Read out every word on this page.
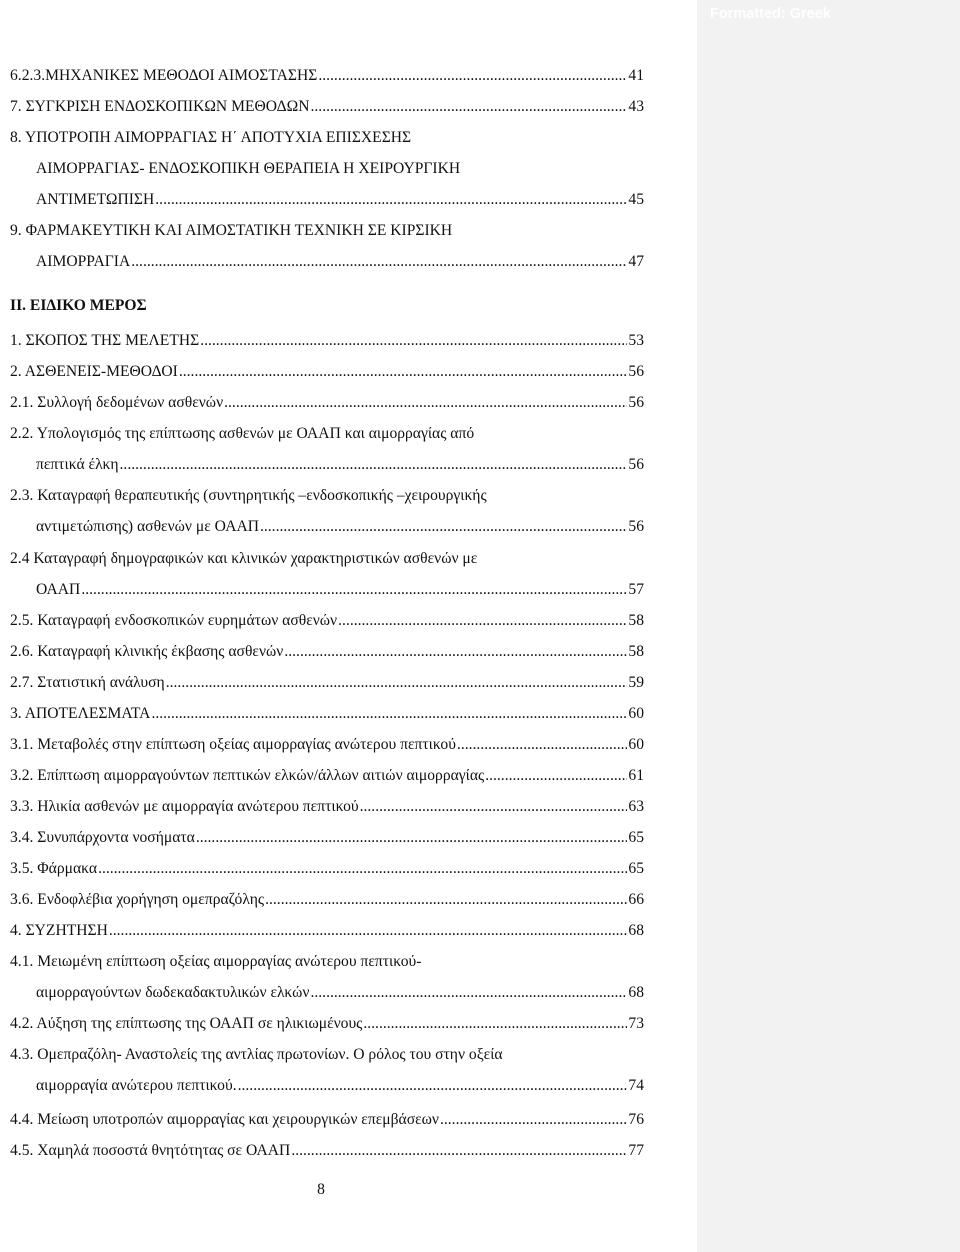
Formatted: Greek
6.2.3.ΜΗΧΑΝΙΚΕΣ ΜΕΘΟΔΟΙ ΑΙΜΟΣΤΑΣΗΣ .....	41
7. ΣΥΓΚΡΙΣΗ ΕΝΔΟΣΚΟΠΙΚΩΝ ΜΕΘΟΔΩΝ .....	43
8. ΥΠΟΤΡΟΠΗ ΑΙΜΟΡΡΑΓΙΑΣ Η΄ ΑΠΟΤΥΧΙΑ ΕΠΙΣΧΕΣΗΣ
ΑΙΜΟΡΡΑΓΙΑΣ- ΕΝΔΟΣΚΟΠΙΚΗ ΘΕΡΑΠΕΙΑ Η ΧΕΙΡΟΥΡΓΙΚΗ
ΑΝΤΙΜΕΤΩΠΙΣΗ .....	45
9. ΦΑΡΜΑΚΕΥΤΙΚΗ ΚΑΙ ΑΙΜΟΣΤΑΤΙΚΗ ΤΕΧΝΙΚΗ ΣΕ ΚΙΡΣΙΚΗ
ΑΙΜΟΡΡΑΓΙΑ .....	47
ΙΙ. ΕΙΔΙΚΟ ΜΕΡΟΣ
1. ΣΚΟΠΟΣ ΤΗΣ ΜΕΛΕΤΗΣ .....	53
2. ΑΣΘΕΝΕΙΣ-ΜΕΘΟΔΟΙ .....	56
2.1. Συλλογή δεδομένων ασθενών .....	56
2.2. Υπολογισμός της επίπτωσης ασθενών με ΟΑΑΠ και αιμορραγίας από
πεπτικά έλκη .....	56
2.3. Καταγραφή θεραπευτικής (συντηρητικής –ενδοσκοπικής –χειρουργικής
αντιμετώπισης) ασθενών με ΟΑΑΠ .....	56
2.4 Καταγραφή δημογραφικών και κλινικών χαρακτηριστικών ασθενών με
ΟΑΑΠ .....	57
2.5. Καταγραφή ενδοσκοπικών ευρημάτων ασθενών .....	58
2.6. Καταγραφή κλινικής έκβασης ασθενών .....	58
2.7. Στατιστική ανάλυση .....	59
3. ΑΠΟΤΕΛΕΣΜΑΤΑ .....	60
3.1. Μεταβολές στην επίπτωση οξείας αιμορραγίας ανώτερου πεπτικού .....	60
3.2. Επίπτωση αιμορραγούντων πεπτικών ελκών/άλλων αιτιών αιμορραγίας .....	61
3.3. Ηλικία ασθενών με αιμορραγία ανώτερου πεπτικού .....	63
3.4. Συνυπάρχοντα νοσήματα .....	65
3.5. Φάρμακα .....	65
3.6. Ενδοφλέβια χορήγηση ομεπραζόλης .....	66
4. ΣΥΖΗΤΗΣΗ .....	68
4.1. Μειωμένη επίπτωση οξείας αιμορραγίας ανώτερου πεπτικού-
αιμορραγούντων δωδεκαδακτυλικών ελκών .....	68
4.2. Αύξηση της επίπτωσης της ΟΑΑΠ σε ηλικιωμένους .....	73
4.3. Ομεπραζόλη- Αναστολείς της αντλίας πρωτονίων. Ο ρόλος του στην οξεία
αιμορραγία ανώτερου πεπτικού. .....	74
4.4. Μείωση υποτροπών αιμορραγίας και χειρουργικών επεμβάσεων .....	76
4.5. Χαμηλά ποσοστά θνητότητας σε ΟΑΑΠ .....	77
8
